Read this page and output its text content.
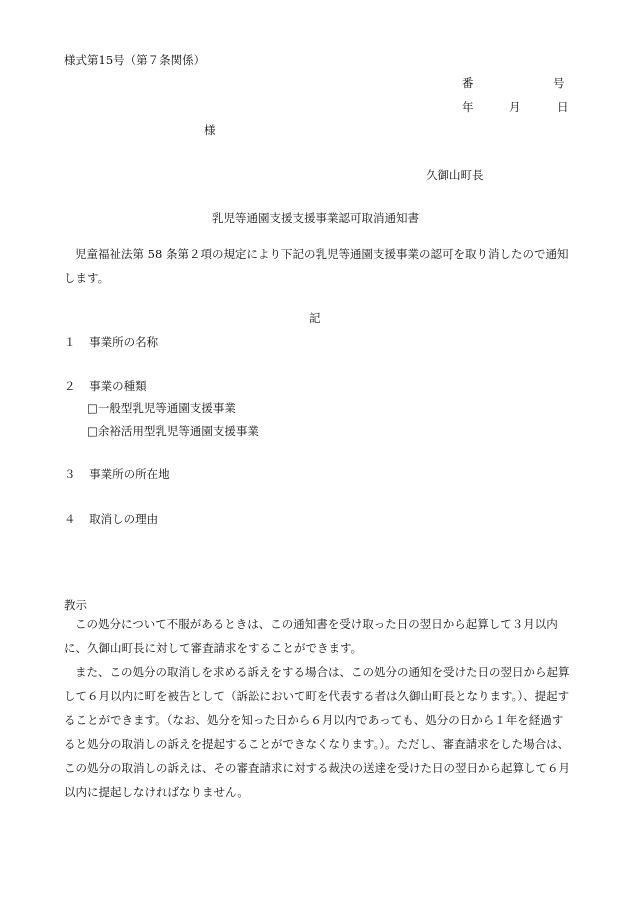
様式第15号（第７条関係）
番	号
年	月	日
様
久御山町長
乳児等通園支援支援事業認可取消通知書

児童福祉法第 58 条第２項の規定により下記の乳児等通園支援事業の認可を取り消したので通知します。

記
１ 事業所の名称
２ 事業の種類
□一般型乳児等通園支援事業
□余裕活用型乳児等通園支援事業
３ 事業所の所在地
４ 取消しの理由
教示

この処分について不服があるときは、この通知書を受け取った日の翌日から起算して３月以内に、久御山町長に対して審査請求をすることができます。

また、この処分の取消しを求める訴えをする場合は、この処分の通知を受けた日の翌日から起算して６月以内に町を被告として（訴訟において町を代表する者は久御山町長となります。）、提起することができます。（なお、処分を知った日から６月以内であっても、処分の日から１年を経過すると処分の取消しの訴えを提起することができなくなります。）。ただし、審査請求をした場合は、この処分の取消しの訴えは、その審査請求に対する裁決の送達を受けた日の翌日から起算して６月以内に提起しなければなりません。
